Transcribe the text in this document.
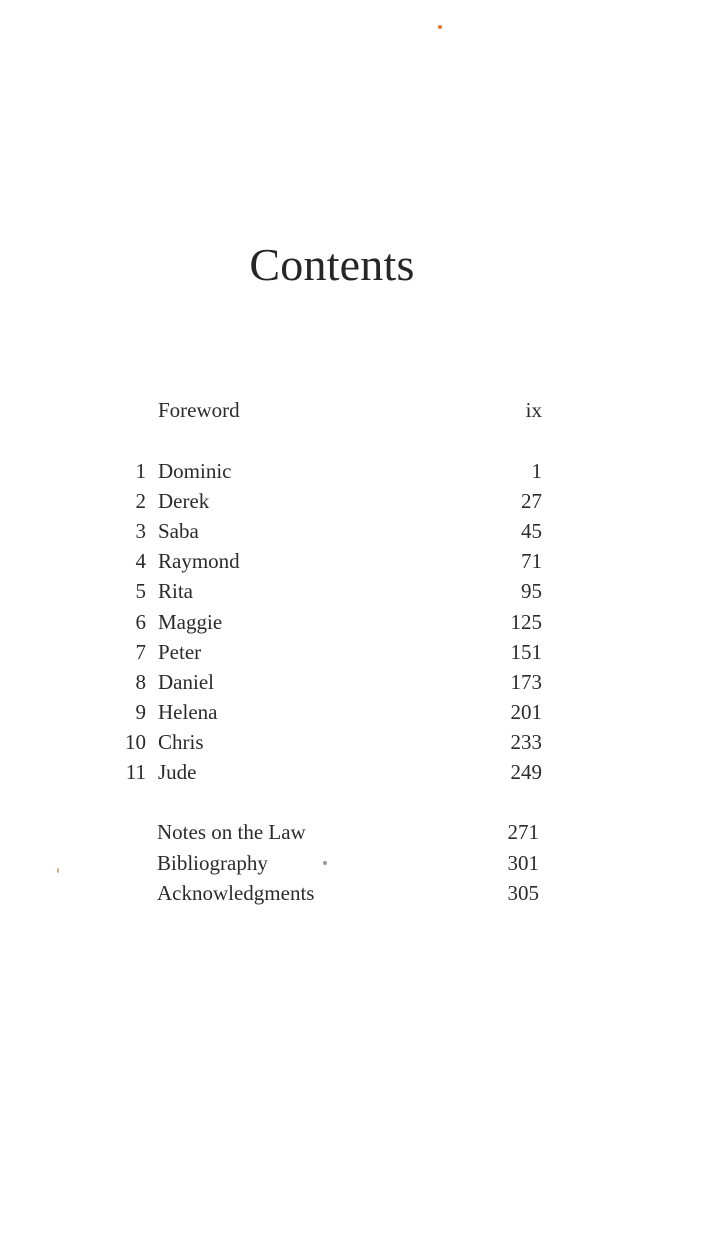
Contents
Foreword	ix
1 Dominic	1
2 Derek	27
3 Saba	45
4 Raymond	71
5 Rita	95
6 Maggie	125
7 Peter	151
8 Daniel	173
9 Helena	201
10 Chris	233
11 Jude	249
Notes on the Law	271
Bibliography	301
Acknowledgments	305
